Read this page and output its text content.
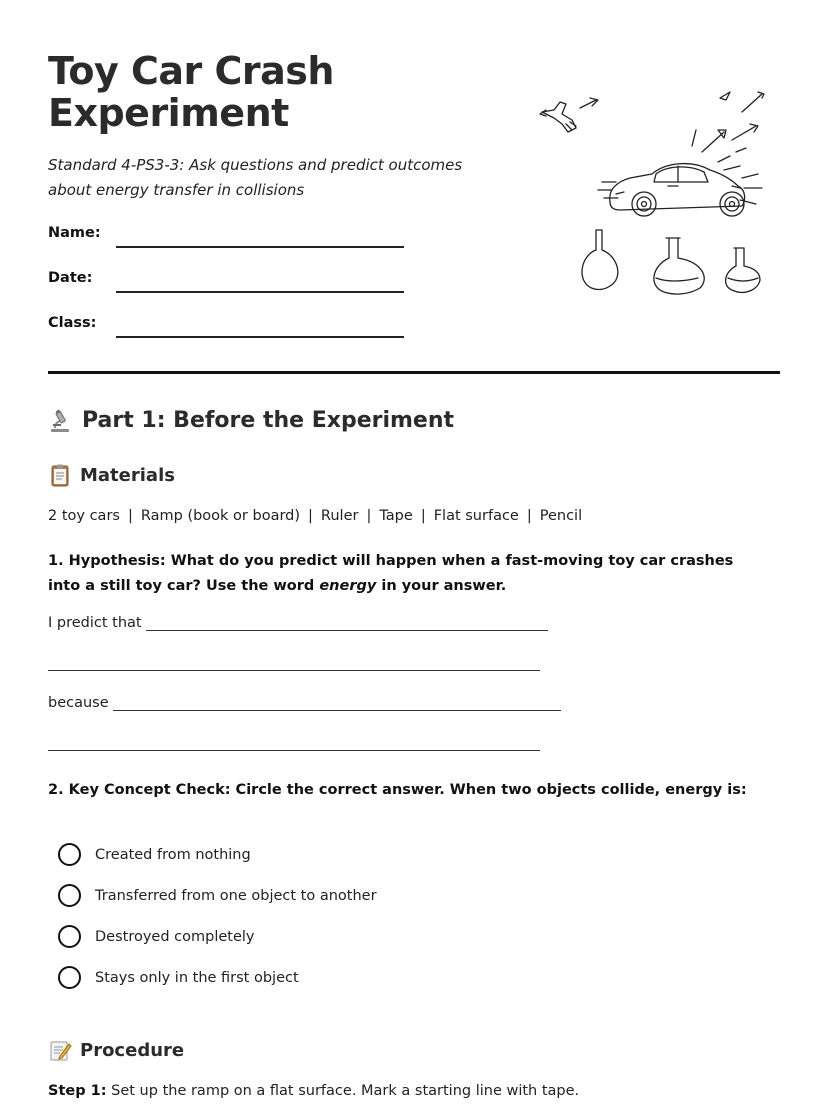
Toy Car Crash
Experiment
Standard 4-PS3-3: Ask questions and predict outcomes about energy transfer in collisions
Name:
Date:
Class:
Part 1: Before the Experiment
Materials
2 toy cars | Ramp (book or board) | Ruler | Tape | Flat surface | Pencil
1. Hypothesis: What do you predict will happen when a fast-moving toy car crashes into a still toy car? Use the word energy in your answer.
I predict that
because
2. Key Concept Check: Circle the correct answer. When two objects collide, energy is:
Created from nothing
Transferred from one object to another
Destroyed completely
Stays only in the first object
Procedure
Step 1: Set up the ramp on a flat surface. Mark a starting line with tape.
